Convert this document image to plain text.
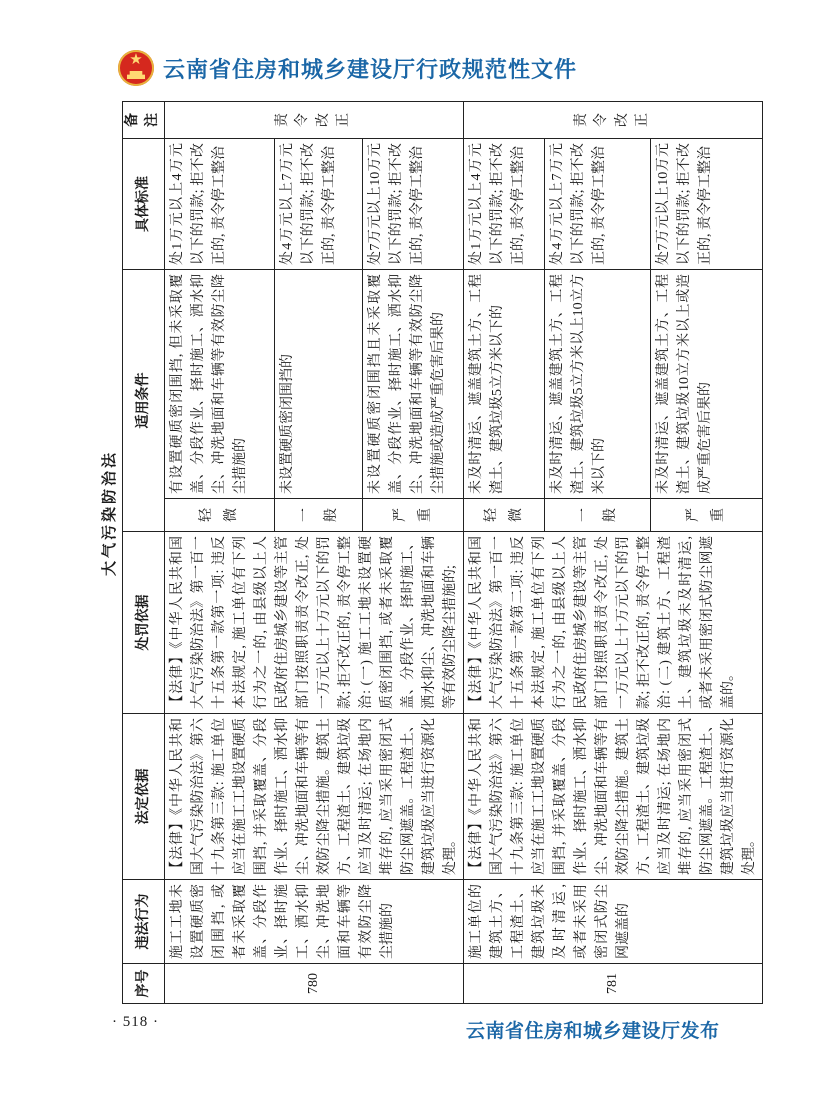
★ 云南省住房和城乡建设厅行政规范性文件
大气污染防治法
序号	违法行为	法定依据	处罚依据	适用条件		具体标准	备注
780	施工工地未设置硬质密闭围挡, 或者未采取覆盖、分段作业、择时施工、洒水抑尘、冲洗地面和车辆等有效防尘降尘措施的	【法律】《中华人民共和国大气污染防治法》第六十九条第三款: 施工单位应当在施工工地设置硬质围挡, 并采取覆盖、分段作业、择时施工、洒水抑尘、冲洗地面和车辆等有效防尘降尘措施。建筑土方、工程渣土、建筑垃圾应当及时清运; 在场地内堆存的, 应当采用密闭式防尘网遮盖。工程渣土、建筑垃圾应当进行资源化处理。	【法律】《中华人民共和国大气污染防治法》第一百一十五条第一款第一项: 违反本法规定, 施工单位有下列行为之一的, 由县级以上人民政府住房城乡建设等主管部门按照职责责令改正, 处一万元以上十万元以下的罚款; 拒不改正的, 责令停工整治: (一) 施工工地未设置硬质密闭围挡, 或者未采取覆盖、分段作业、择时施工、洒水抑尘、冲洗地面和车辆等有效防尘降尘措施的;	轻微	有设置硬质密闭围挡, 但未采取覆盖、分段作业、择时施工、洒水抑尘、冲洗地面和车辆等有效防尘降尘措施的	处1万元以上4万元以下的罚款; 拒不改正的, 责令停工整治	责令改正
				一般	未设置硬质密闭围挡的	处4万元以上7万元以下的罚款; 拒不改正的, 责令停工整治	
				严重	未设置硬质密闭围挡且未采取覆盖、分段作业、择时施工、洒水抑尘、冲洗地面和车辆等有效防尘降尘措施或造成严重危害后果的	处7万元以上10万元以下的罚款; 拒不改正的, 责令停工整治	
781	施工单位的建筑土方、工程渣土、建筑垃圾未及时清运, 或者未采用密闭式防尘网遮盖的	【法律】《中华人民共和国大气污染防治法》第六十九条第三款: 施工单位应当在施工工地设置硬质围挡, 并采取覆盖、分段作业、择时施工、洒水抑尘、冲洗地面和车辆等有效防尘降尘措施。建筑土方、工程渣土、建筑垃圾应当及时清运; 在场地内堆存的, 应当采用密闭式防尘网遮盖。工程渣土、建筑垃圾应当进行资源化处理。	【法律】《中华人民共和国大气污染防治法》第一百一十五条第一款第二项: 违反本法规定, 施工单位有下列行为之一的, 由县级以上人民政府住房城乡建设等主管部门按照职责责令改正, 处一万元以上十万元以下的罚款; 拒不改正的, 责令停工整治: (二) 建筑土方、工程渣土、建筑垃圾未及时清运, 或者未采用密闭式防尘网遮盖的。	轻微	未及时清运、遮盖建筑土方、工程渣土、建筑垃圾5立方米以下的	处1万元以上4万元以下的罚款; 拒不改正的, 责令停工整治	责令改正
				一般	未及时清运、遮盖建筑土方、工程渣土、建筑垃圾5立方米以上10立方米以下的	处4万元以上7万元以下的罚款; 拒不改正的, 责令停工整治	
				严重	未及时清运、遮盖建筑土方、工程渣土、建筑垃圾10立方米以上或造成严重危害后果的	处7万元以上10万元以下的罚款; 拒不改正的, 责令停工整治	
· 518 ·	云南省住房和城乡建设厅发布
